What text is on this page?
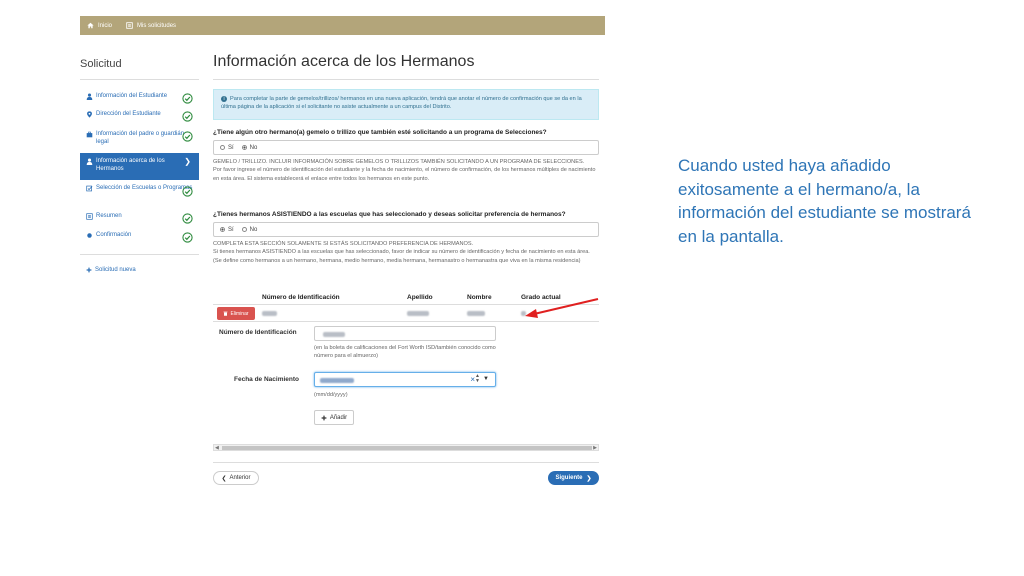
Inicio	Mis solicitudes
Solicitud
Información del Estudiante
Dirección del Estudiante
Información del padre o guardián legal
Información acerca de los Hermanos
❯
Selección de Escuelas o Programas
Resumen
Confirmación
Solicitud nueva
Información acerca de los Hermanos
i Para completar la parte de gemelos/trillizos/ hermanos en una nueva aplicación, tendrá que anotar el número de confirmación que se da en la última página de la aplicación si el solicitante no asiste actualmente a un campus del Distrito.
¿Tiene algún otro hermano(a) gemelo o trillizo que también esté solicitando a un programa de Selecciones?
Sí	No
GEMELO / TRILLIZO. INCLUIR INFORMACIÓN SOBRE GEMELOS O TRILLIZOS TAMBIÉN SOLICITANDO A UN PROGRAMA DE SELECCIONES.
Por favor ingrese el número de identificación del estudiante y la fecha de nacimiento, el número de confirmación, de los hermanos múltiples de nacimiento en esta área. El sistema establecerá el enlace entre todos los hermanos en este punto.
¿Tienes hermanos ASISTIENDO a las escuelas que has seleccionado y deseas solicitar preferencia de hermanos?
Sí	No
COMPLETA ESTA SECCIÓN SOLAMENTE SI ESTÁS SOLICITANDO PREFERENCIA DE HERMANOS.
Si tienes hermanos ASISTIENDO a las escuelas que has seleccionado, favor de indicar su número de identificación y fecha de nacimiento en esta área.
(Se define como hermanos a un hermano, hermana, medio hermano, media hermana, hermanastro o hermanastra que viva en la misma residencia)
Número de Identificación	Apellido	Nombre	Grado actual
Eliminar
Número de Identificación
(en la boleta de calificaciones del Fort Worth ISD/también conocido como número para el almuerzo)
Fecha de Nacimiento	× ▲
▼ ▼
(mm/dd/yyyy)
Añadir
◀	▶
❮ Anterior	Siguiente ❯
Cuando usted haya añadido exitosamente a el hermano/a, la información del estudiante se mostrará en la pantalla.
